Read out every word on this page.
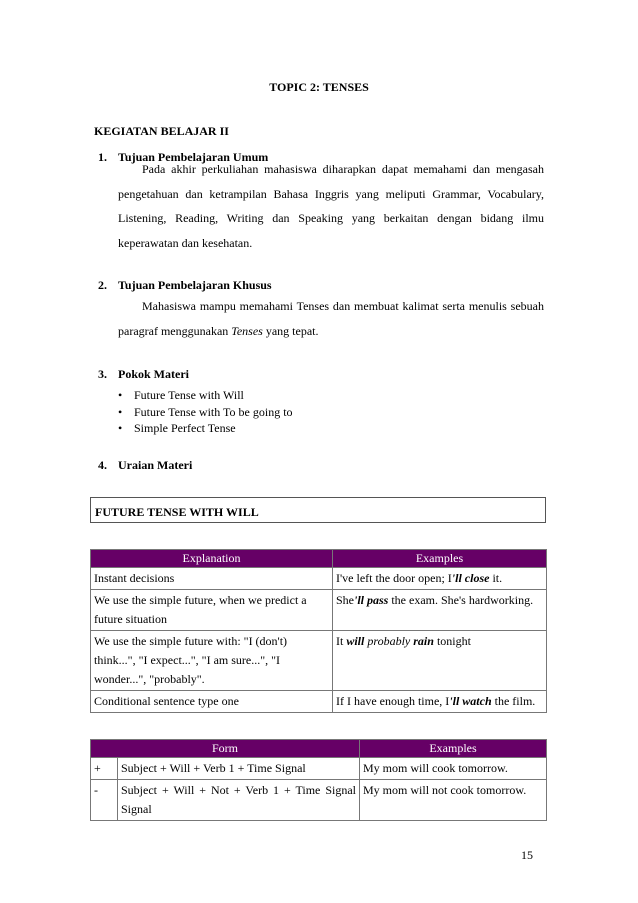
TOPIC 2: TENSES
KEGIATAN BELAJAR II
1. Tujuan Pembelajaran Umum
Pada akhir perkuliahan mahasiswa diharapkan dapat memahami dan mengasah pengetahuan dan ketrampilan Bahasa Inggris yang meliputi Grammar, Vocabulary, Listening, Reading, Writing dan Speaking yang berkaitan dengan bidang ilmu keperawatan dan kesehatan.
2. Tujuan Pembelajaran Khusus
Mahasiswa mampu memahami Tenses dan membuat kalimat serta menulis sebuah paragraf menggunakan Tenses yang tepat.
3. Pokok Materi
• Future Tense with Will
• Future Tense with To be going to
• Simple Perfect Tense
4. Uraian Materi
FUTURE TENSE WITH WILL
Explanation	Examples
Instant decisions	I've left the door open; I'll close it.
We use the simple future, when we predict a future situation	She'll pass the exam. She's hardworking.
We use the simple future with: "I (don't) think...", "I expect...", "I am sure...", "I wonder...", "probably".	It will probably rain tonight
Conditional sentence type one	If I have enough time, I'll watch the film.
Form		Examples
+	Subject + Will + Verb 1 + Time Signal	My mom will cook tomorrow.
-	Subject + Will + Not + Verb 1 + Time Signal Signal	My mom will not cook tomorrow.
15
